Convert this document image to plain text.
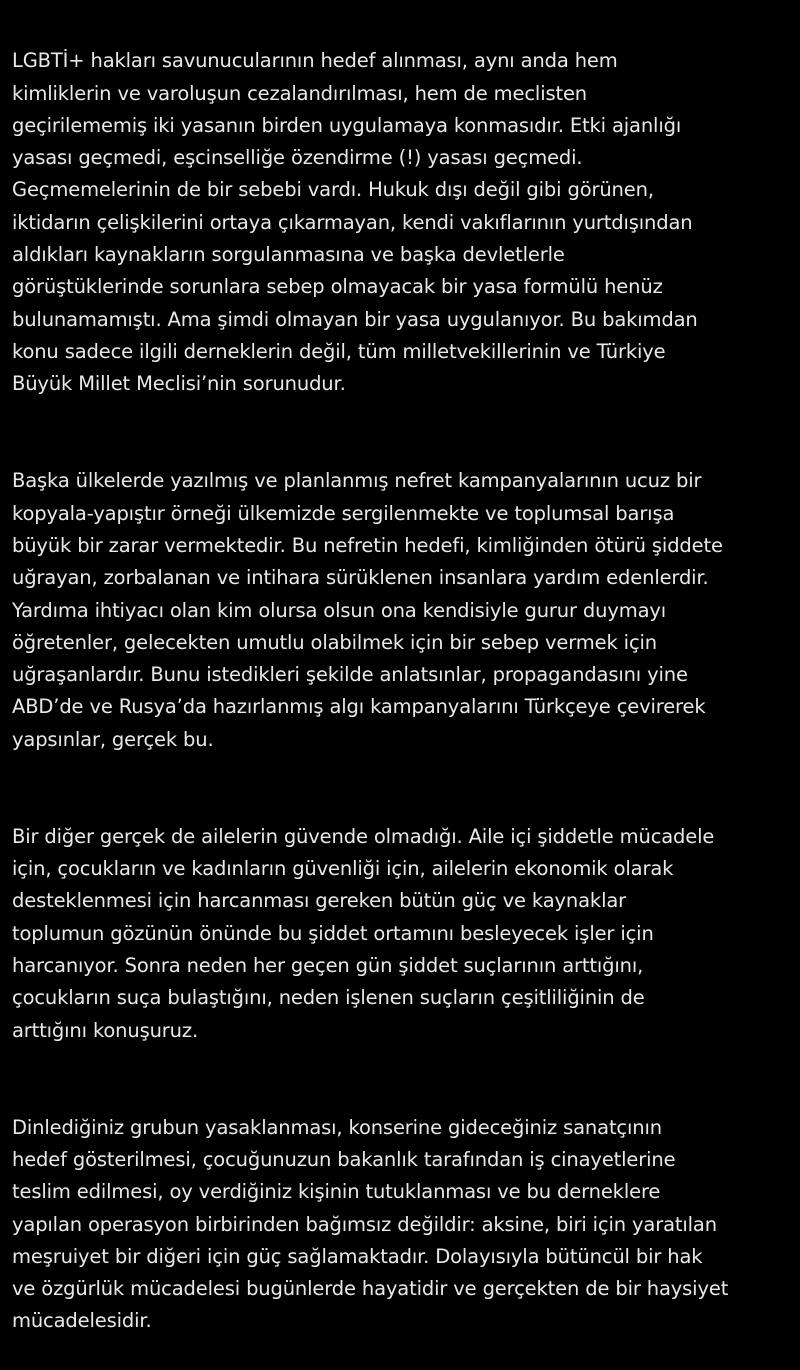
LGBTİ+ hakları savunucularının hedef alınması, aynı anda hem
kimliklerin ve varoluşun cezalandırılması, hem de meclisten
geçirilememiş iki yasanın birden uygulamaya konmasıdır. Etki ajanlığı
yasası geçmedi, eşcinselliğe özendirme (!) yasası geçmedi.
Geçmemelerinin de bir sebebi vardı. Hukuk dışı değil gibi görünen,
iktidarın çelişkilerini ortaya çıkarmayan, kendi vakıflarının yurtdışından
aldıkları kaynakların sorgulanmasına ve başka devletlerle
görüştüklerinde sorunlara sebep olmayacak bir yasa formülü henüz
bulunamamıştı. Ama şimdi olmayan bir yasa uygulanıyor. Bu bakımdan
konu sadece ilgili derneklerin değil, tüm milletvekillerinin ve Türkiye
Büyük Millet Meclisi’nin sorunudur.

Başka ülkelerde yazılmış ve planlanmış nefret kampanyalarının ucuz bir
kopyala-yapıştır örneği ülkemizde sergilenmekte ve toplumsal barışa
büyük bir zarar vermektedir. Bu nefretin hedefi, kimliğinden ötürü şiddete
uğrayan, zorbalanan ve intihara sürüklenen insanlara yardım edenlerdir.
Yardıma ihtiyacı olan kim olursa olsun ona kendisiyle gurur duymayı
öğretenler, gelecekten umutlu olabilmek için bir sebep vermek için
uğraşanlardır. Bunu istedikleri şekilde anlatsınlar, propagandasını yine
ABD’de ve Rusya’da hazırlanmış algı kampanyalarını Türkçeye çevirerek
yapsınlar, gerçek bu.

Bir diğer gerçek de ailelerin güvende olmadığı. Aile içi şiddetle mücadele
için, çocukların ve kadınların güvenliği için, ailelerin ekonomik olarak
desteklenmesi için harcanması gereken bütün güç ve kaynaklar
toplumun gözünün önünde bu şiddet ortamını besleyecek işler için
harcanıyor. Sonra neden her geçen gün şiddet suçlarının arttığını,
çocukların suça bulaştığını, neden işlenen suçların çeşitliliğinin de
arttığını konuşuruz.

Dinlediğiniz grubun yasaklanması, konserine gideceğiniz sanatçının
hedef gösterilmesi, çocuğunuzun bakanlık tarafından iş cinayetlerine
teslim edilmesi, oy verdiğiniz kişinin tutuklanması ve bu derneklere
yapılan operasyon birbirinden bağımsız değildir: aksine, biri için yaratılan
meşruiyet bir diğeri için güç sağlamaktadır. Dolayısıyla bütüncül bir hak
ve özgürlük mücadelesi bugünlerde hayatidir ve gerçekten de bir haysiyet
mücadelesidir.
